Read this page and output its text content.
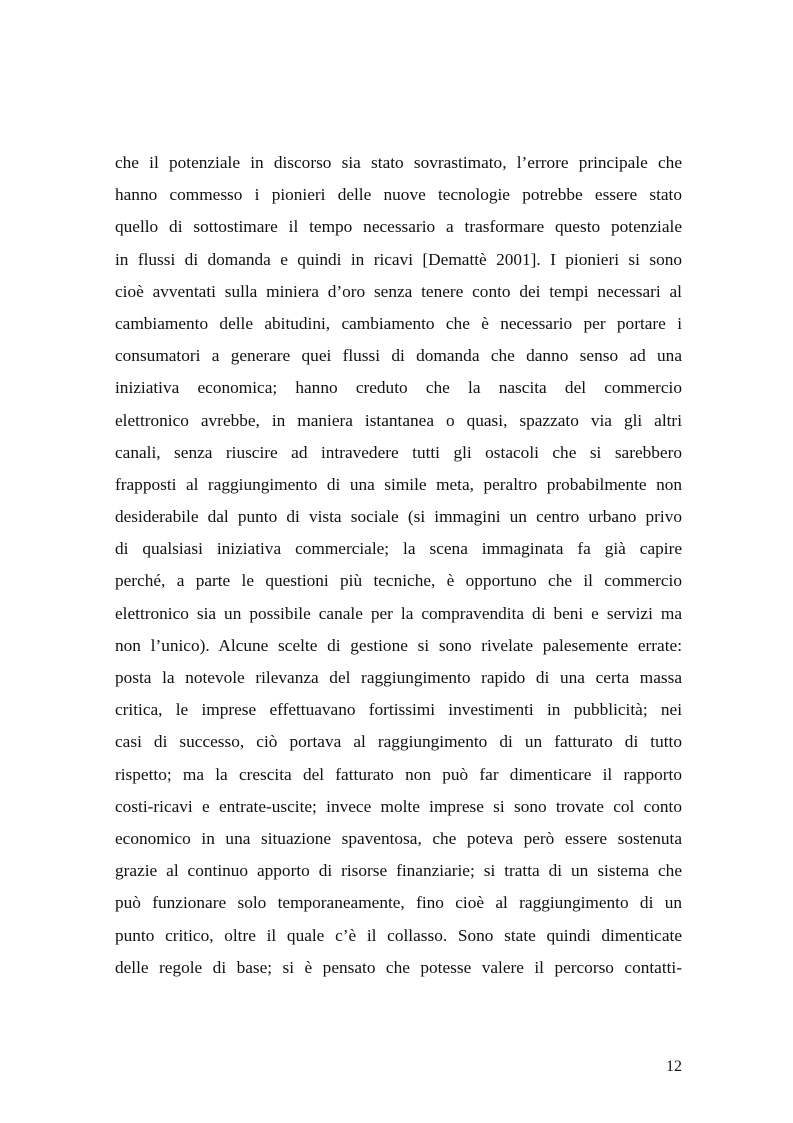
che il potenziale in discorso sia stato sovrastimato, l’errore principale che
hanno commesso i pionieri delle nuove tecnologie potrebbe essere stato
quello di sottostimare il tempo necessario a trasformare questo potenziale
in flussi di domanda e quindi in ricavi [Demattè 2001]. I pionieri si sono
cioè avventati sulla miniera d’oro senza tenere conto dei tempi necessari al
cambiamento delle abitudini, cambiamento che è necessario per portare i
consumatori a generare quei flussi di domanda che danno senso ad una
iniziativa economica; hanno creduto che la nascita del commercio
elettronico avrebbe, in maniera istantanea o quasi, spazzato via gli altri
canali, senza riuscire ad intravedere tutti gli ostacoli che si sarebbero
frapposti al raggiungimento di una simile meta, peraltro probabilmente non
desiderabile dal punto di vista sociale (si immagini un centro urbano privo
di qualsiasi iniziativa commerciale; la scena immaginata fa già capire
perché, a parte le questioni più tecniche, è opportuno che il commercio
elettronico sia un possibile canale per la compravendita di beni e servizi ma
non l’unico). Alcune scelte di gestione si sono rivelate palesemente errate:
posta la notevole rilevanza del raggiungimento rapido di una certa massa
critica, le imprese effettuavano fortissimi investimenti in pubblicità; nei
casi di successo, ciò portava al raggiungimento di un fatturato di tutto
rispetto; ma la crescita del fatturato non può far dimenticare il rapporto
costi-ricavi e entrate-uscite; invece molte imprese si sono trovate col conto
economico in una situazione spaventosa, che poteva però essere sostenuta
grazie al continuo apporto di risorse finanziarie; si tratta di un sistema che
può funzionare solo temporaneamente, fino cioè al raggiungimento di un
punto critico, oltre il quale c’è il collasso. Sono state quindi dimenticate
delle regole di base; si è pensato che potesse valere il percorso contatti-
12
